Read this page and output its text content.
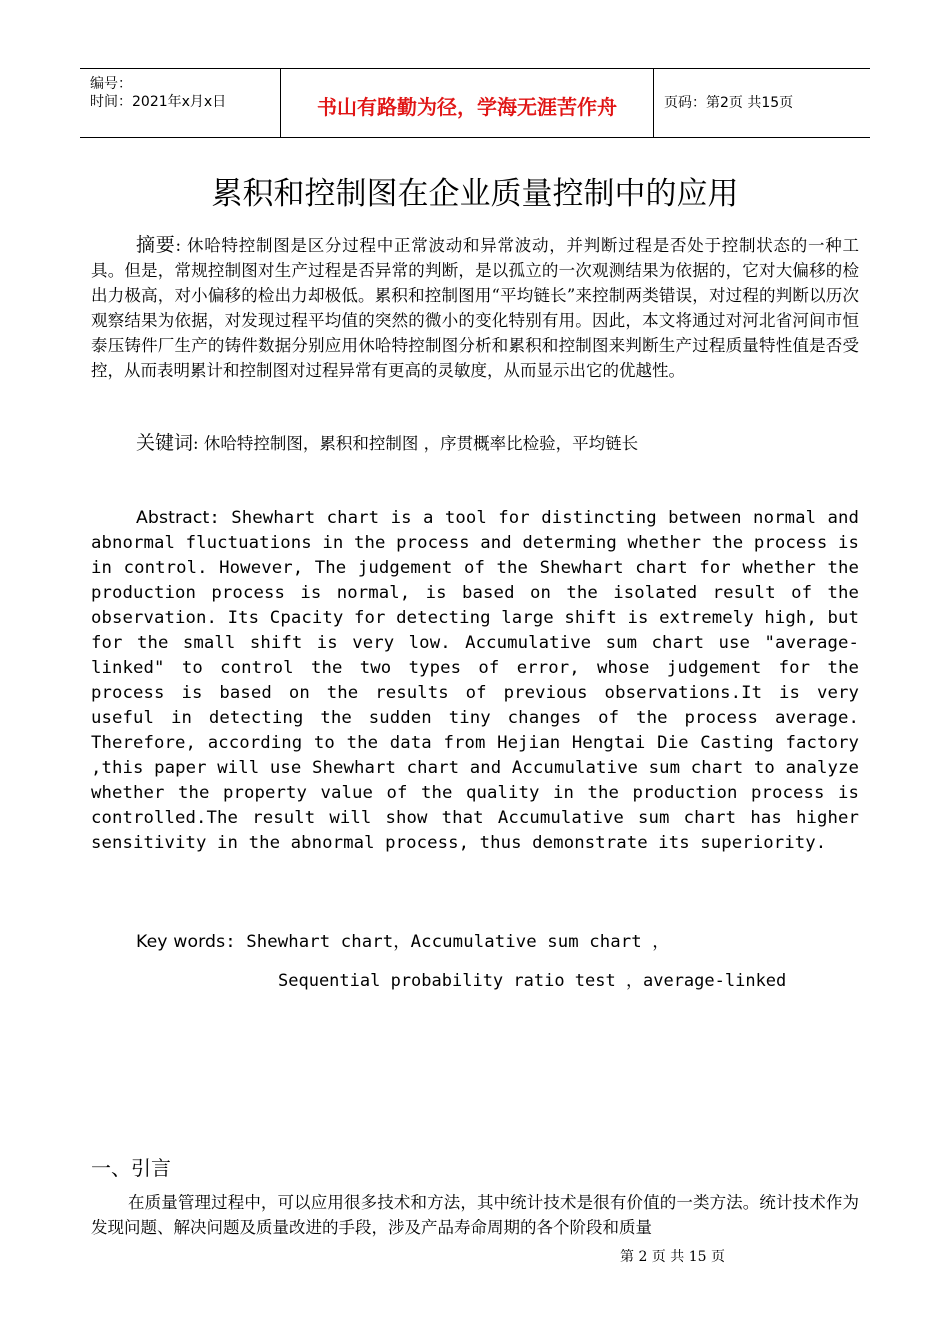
编号：
时间：2021年x月x日	书山有路勤为径，学海无涯苦作舟	页码：第2页 共15页
累积和控制图在企业质量控制中的应用
摘要: 休哈特控制图是区分过程中正常波动和异常波动，并判断过程是否处于控制状态的一种工具。但是，常规控制图对生产过程是否异常的判断，是以孤立的一次观测结果为依据的，它对大偏移的检出力极高，对小偏移的检出力却极低。累积和控制图用“平均链长”来控制两类错误，对过程的判断以历次观察结果为依据，对发现过程平均值的突然的微小的变化特别有用。因此，本文将通过对河北省河间市恒泰压铸件厂生产的铸件数据分别应用休哈特控制图分析和累积和控制图来判断生产过程质量特性值是否受控，从而表明累计和控制图对过程异常有更高的灵敏度，从而显示出它的优越性。
关键词: 休哈特控制图，累积和控制图 ，序贯概率比检验，平均链长
Abstract: Shewhart chart is a tool for distincting between normal and abnormal fluctuations in the process and determing whether the process is in control. However, The judgement of the Shewhart chart for whether the production process is normal, is based on the isolated result of the observation. Its Cpacity for detecting large shift is extremely high, but for the small shift is very low. Accumulative sum chart use "average-linked" to control the two types of error, whose judgement for the process is based on the results of previous observations.It is very useful in detecting the sudden tiny changes of the process average. Therefore, according to the data from Hejian Hengtai Die Casting factory ,this paper will use Shewhart chart and Accumulative sum chart to analyze whether the property value of the quality in the production process is controlled.The result will show that Accumulative sum chart has higher sensitivity in the abnormal process, thus demonstrate its superiority.
Key words: Shewhart chart，Accumulative sum chart ，
Sequential probability ratio test ，average-linked
一、引言
在质量管理过程中，可以应用很多技术和方法，其中统计技术是很有价值的一类方法。统计技术作为发现问题、解决问题及质量改进的手段，涉及产品寿命周期的各个阶段和质量
第 2 页 共 15 页
